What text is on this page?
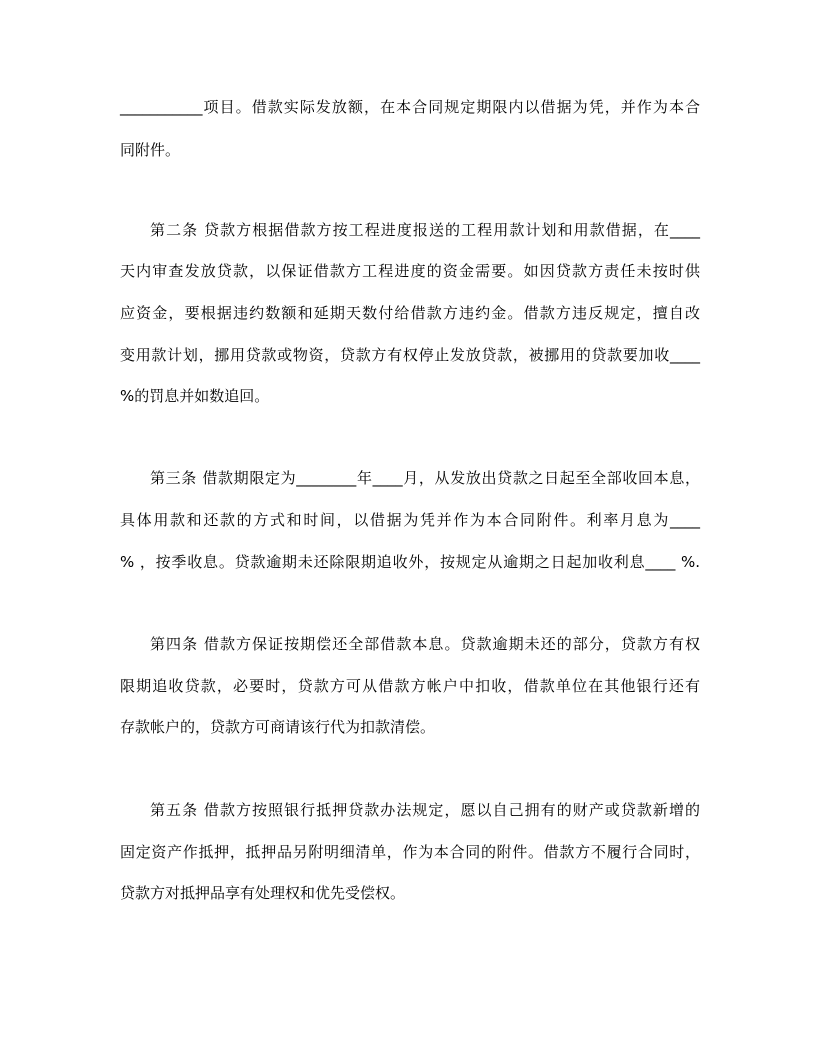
___________项目。借款实际发放额，在本合同规定期限内以借据为凭，并作为本合
同附件。
第二条 贷款方根据借款方按工程进度报送的工程用款计划和用款借据，在____
天内审查发放贷款，以保证借款方工程进度的资金需要。如因贷款方责任未按时供
应资金，要根据违约数额和延期天数付给借款方违约金。借款方违反规定，擅自改
变用款计划，挪用贷款或物资，贷款方有权停止发放贷款，被挪用的贷款要加收____
%的罚息并如数追回。
第三条 借款期限定为________年____月，从发放出贷款之日起至全部收回本息，
具体用款和还款的方式和时间，以借据为凭并作为本合同附件。利率月息为____
% ，按季收息。贷款逾期未还除限期追收外，按规定从逾期之日起加收利息____ %.
第四条 借款方保证按期偿还全部借款本息。贷款逾期未还的部分，贷款方有权
限期追收贷款，必要时，贷款方可从借款方帐户中扣收，借款单位在其他银行还有
存款帐户的，贷款方可商请该行代为扣款清偿。
第五条 借款方按照银行抵押贷款办法规定，愿以自己拥有的财产或贷款新增的
固定资产作抵押，抵押品另附明细清单，作为本合同的附件。借款方不履行合同时，
贷款方对抵押品享有处理权和优先受偿权。
